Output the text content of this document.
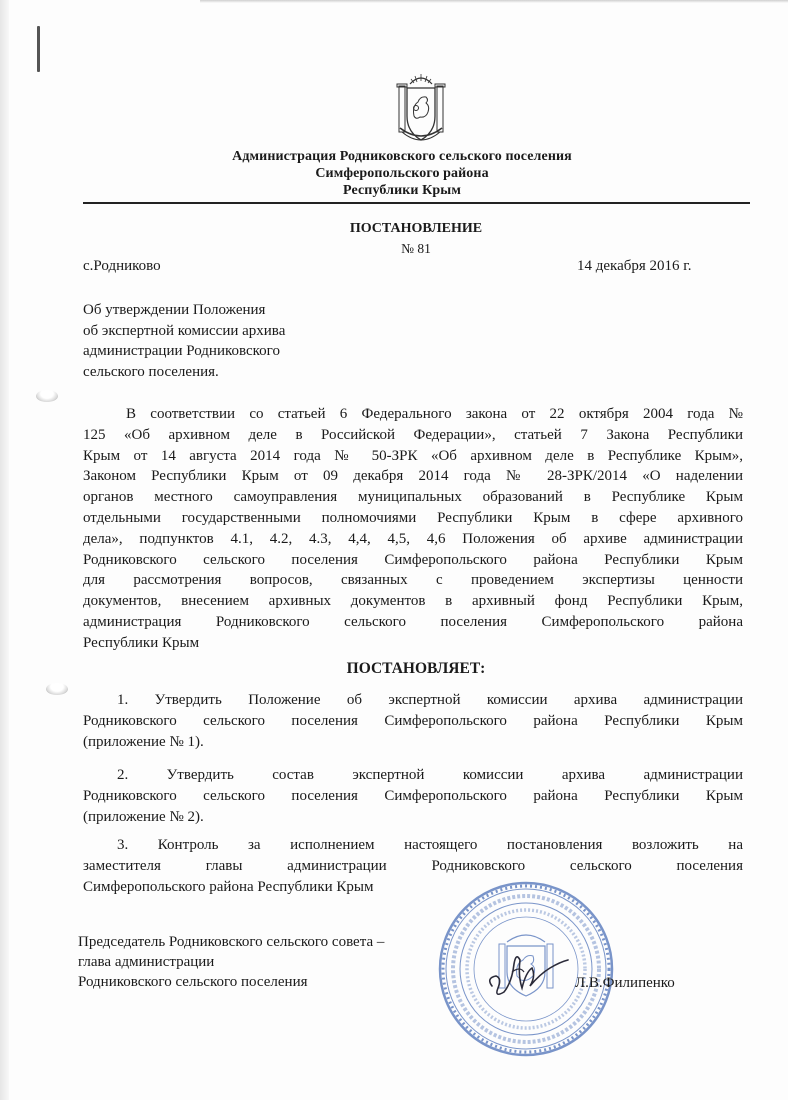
Администрация Родниковского сельского поселения
Симферопольского района
Республики Крым
ПОСТАНОВЛЕНИЕ
№ 81
с.Родниково	14 декабря 2016 г.
Об утверждении Положения
об экспертной комиссии архива
администрации Родниковского
сельского поселения.
В соответствии со статьей 6 Федерального закона от 22 октября 2004 года №
125 «Об архивном деле в Российской Федерации», статьей 7 Закона Республики
Крым от 14 августа 2014 года № 50-ЗРК «Об архивном деле в Республике Крым»,
Законом Республики Крым от 09 декабря 2014 года № 28-ЗРК/2014 «О наделении
органов местного самоуправления муниципальных образований в Республике Крым
отдельными государственными полномочиями Республики Крым в сфере архивного
дела», подпунктов 4.1, 4.2, 4.3, 4,4, 4,5, 4,6 Положения об архиве администрации
Родниковского сельского поселения Симферопольского района Республики Крым
для рассмотрения вопросов, связанных с проведением экспертизы ценности
документов, внесением архивных документов в архивный фонд Республики Крым,
администрация Родниковского сельского поселения Симферопольского района
Республики Крым
ПОСТАНОВЛЯЕТ:
1. Утвердить Положение об экспертной комиссии архива администрации
Родниковского сельского поселения Симферопольского района Республики Крым
(приложение № 1).
2. Утвердить состав экспертной комиссии архива администрации
Родниковского сельского поселения Симферопольского района Республики Крым
(приложение № 2).
3. Контроль за исполнением настоящего постановления возложить на
заместителя главы администрации Родниковского сельского поселения
Симферопольского района Республики Крым
Председатель Родниковского сельского совета –
глава администрации
Родниковского сельского поселения	Л.В.Филипенко
